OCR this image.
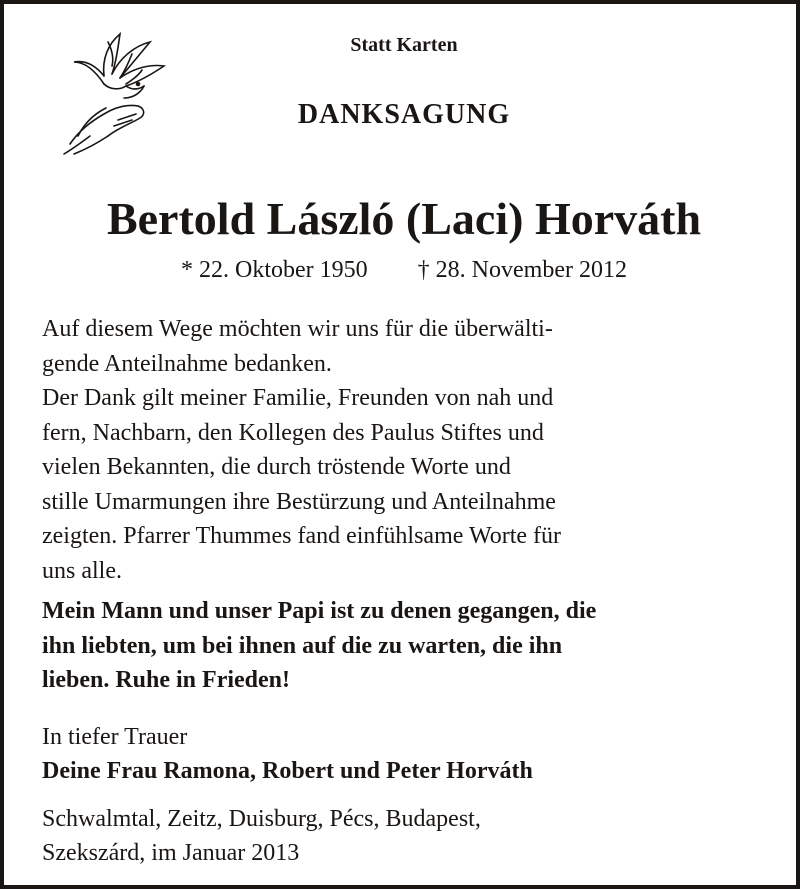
Statt Karten
DANKSAGUNG
Bertold László (Laci) Horváth
* 22. Oktober 1950 † 28. November 2012
Auf diesem Wege möchten wir uns für die überwälti-
gende Anteilnahme bedanken.
Der Dank gilt meiner Familie, Freunden von nah und
fern, Nachbarn, den Kollegen des Paulus Stiftes und
vielen Bekannten, die durch tröstende Worte und
stille Umarmungen ihre Bestürzung und Anteilnahme
zeigten. Pfarrer Thummes fand einfühlsame Worte für
uns alle.
Mein Mann und unser Papi ist zu denen gegangen, die
ihn liebten, um bei ihnen auf die zu warten, die ihn
lieben. Ruhe in Frieden!
In tiefer Trauer
Deine Frau Ramona, Robert und Peter Horváth
Schwalmtal, Zeitz, Duisburg, Pécs, Budapest,
Szekszárd, im Januar 2013
